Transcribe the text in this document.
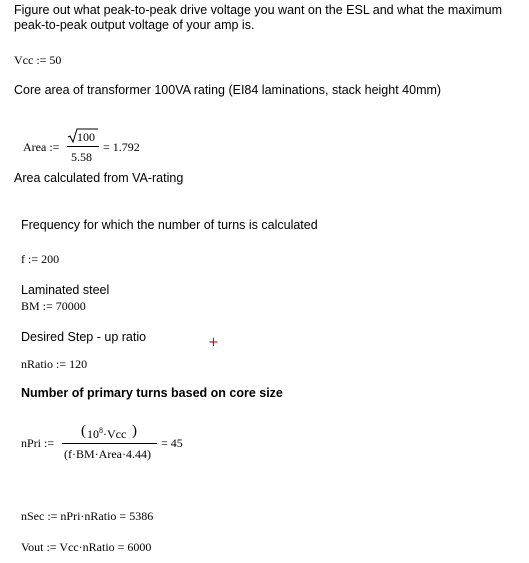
Figure out what peak-to-peak drive voltage you want on the ESL and what the maximum
peak-to-peak output voltage of your amp is.
Vcc := 50
Core area of transformer 100VA rating (EI84 laminations, stack height 40mm)
Area :=
100
5.58
= 1.792
Area calculated from VA-rating
Frequency for which the number of turns is calculated
f := 200
Laminated steel
BM := 70000
Desired Step - up ratio	+
nRatio := 120
Number of primary turns based on core size
nPri :=
( $10^8\cdot Vcc$ )
(f·BM·Area·4.44)
= 45
nSec := nPri·nRatio = 5386
Vout := Vcc·nRatio = 6000
